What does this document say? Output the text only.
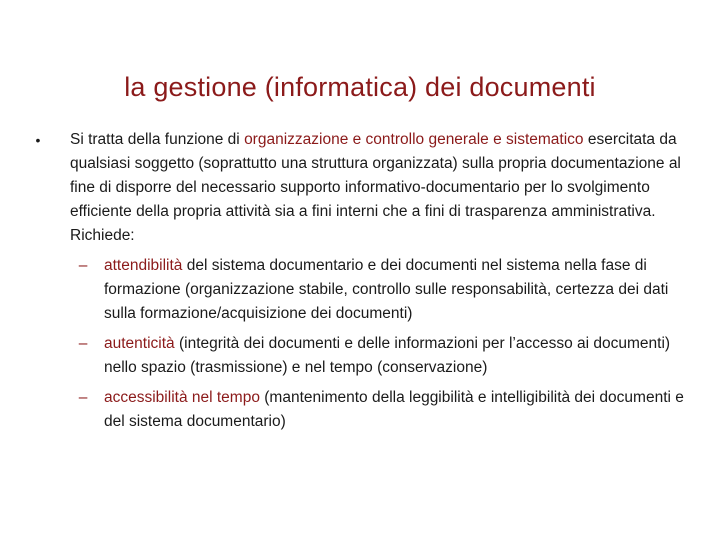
la gestione (informatica) dei documenti
• Si tratta della funzione di organizzazione e controllo generale e sistematico esercitata da qualsiasi soggetto (soprattutto una struttura organizzata) sulla propria documentazione al fine di disporre del necessario supporto informativo-documentario per lo svolgimento efficiente della propria attività sia a fini interni che a fini di trasparenza amministrativa. Richiede:
– attendibilità del sistema documentario e dei documenti nel sistema nella fase di formazione (organizzazione stabile, controllo sulle responsabilità, certezza dei dati sulla formazione/acquisizione dei documenti)
– autenticità (integrità dei documenti e delle informazioni per l’accesso ai documenti) nello spazio (trasmissione) e nel tempo (conservazione)
– accessibilità nel tempo (mantenimento della leggibilità e intelligibilità dei documenti e del sistema documentario)
